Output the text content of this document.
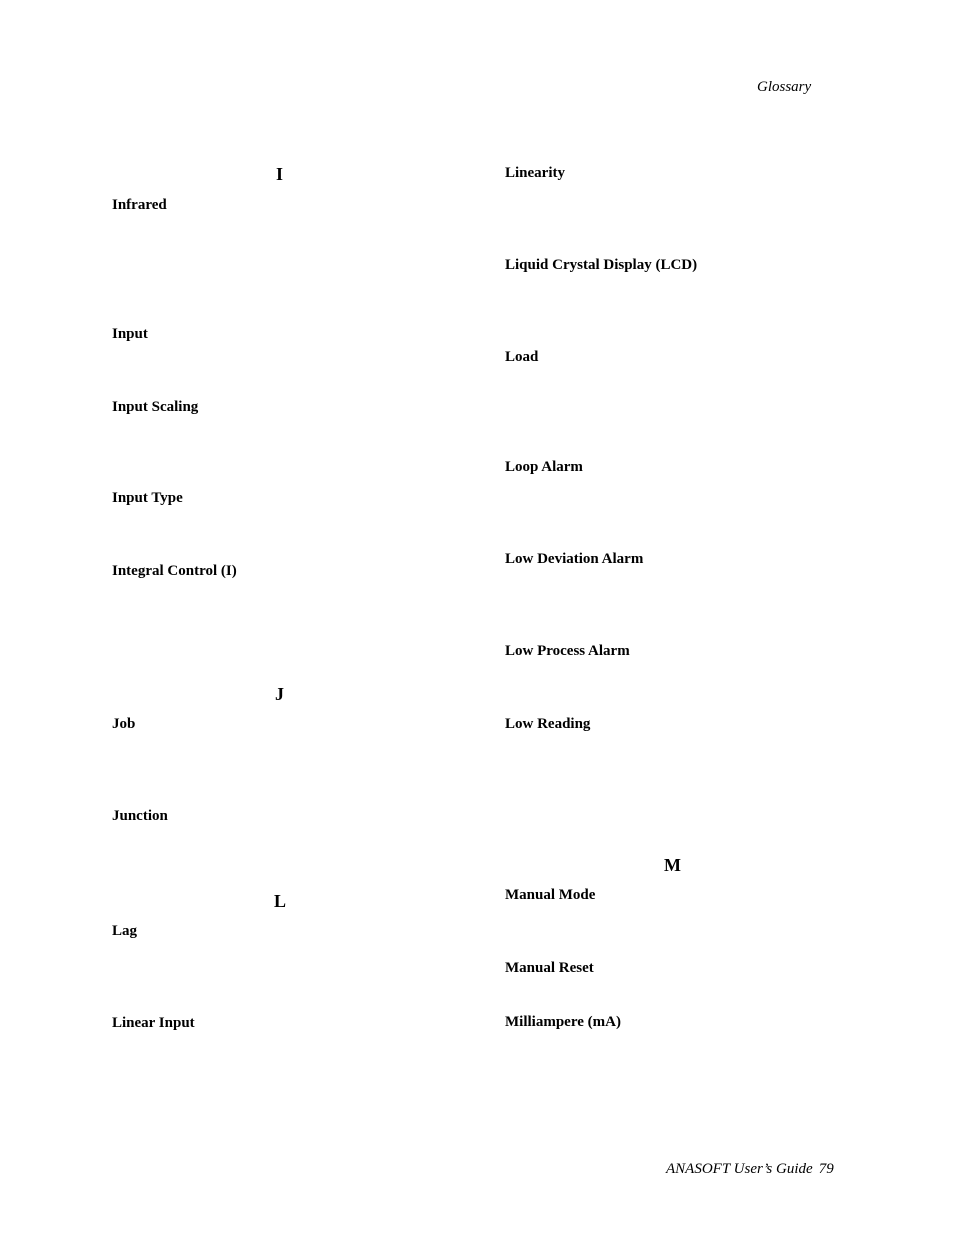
Glossary
I
Infrared
Input
Input Scaling
Input Type
Integral Control (I)
J
Job
Junction
L
Lag
Linear Input
Linearity
Liquid Crystal Display (LCD)
Load
Loop Alarm
Low Deviation Alarm
Low Process Alarm
Low Reading
M
Manual Mode
Manual Reset
Milliampere (mA)
ANASOFT User’s Guide 79
